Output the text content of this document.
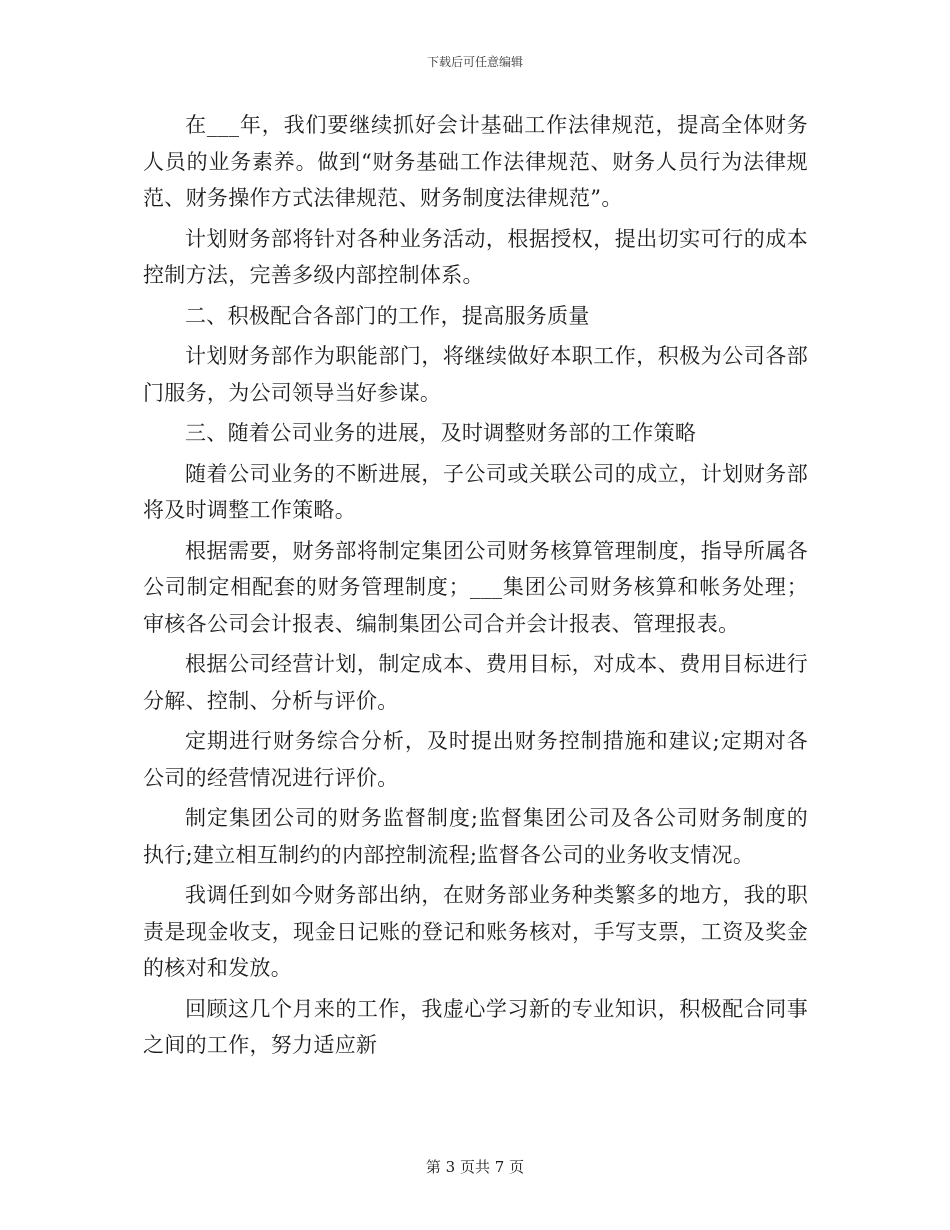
下载后可任意编辑

在___年，我们要继续抓好会计基础工作法律规范，提高全体财务人员的业务素养。做到“财务基础工作法律规范、财务人员行为法律规范、财务操作方式法律规范、财务制度法律规范”。

计划财务部将针对各种业务活动，根据授权，提出切实可行的成本控制方法，完善多级内部控制体系。

二、积极配合各部门的工作，提高服务质量

计划财务部作为职能部门，将继续做好本职工作，积极为公司各部门服务，为公司领导当好参谋。

三、随着公司业务的进展，及时调整财务部的工作策略

随着公司业务的不断进展，子公司或关联公司的成立，计划财务部将及时调整工作策略。

根据需要，财务部将制定集团公司财务核算管理制度，指导所属各公司制定相配套的财务管理制度；___集团公司财务核算和帐务处理；审核各公司会计报表、编制集团公司合并会计报表、管理报表。

根据公司经营计划，制定成本、费用目标，对成本、费用目标进行分解、控制、分析与评价。

定期进行财务综合分析，及时提出财务控制措施和建议;定期对各公司的经营情况进行评价。

制定集团公司的财务监督制度;监督集团公司及各公司财务制度的执行;建立相互制约的内部控制流程;监督各公司的业务收支情况。

我调任到如今财务部出纳，在财务部业务种类繁多的地方，我的职责是现金收支，现金日记账的登记和账务核对，手写支票，工资及奖金的核对和发放。

回顾这几个月来的工作，我虚心学习新的专业知识，积极配合同事之间的工作，努力适应新

第 3 页共 7 页
